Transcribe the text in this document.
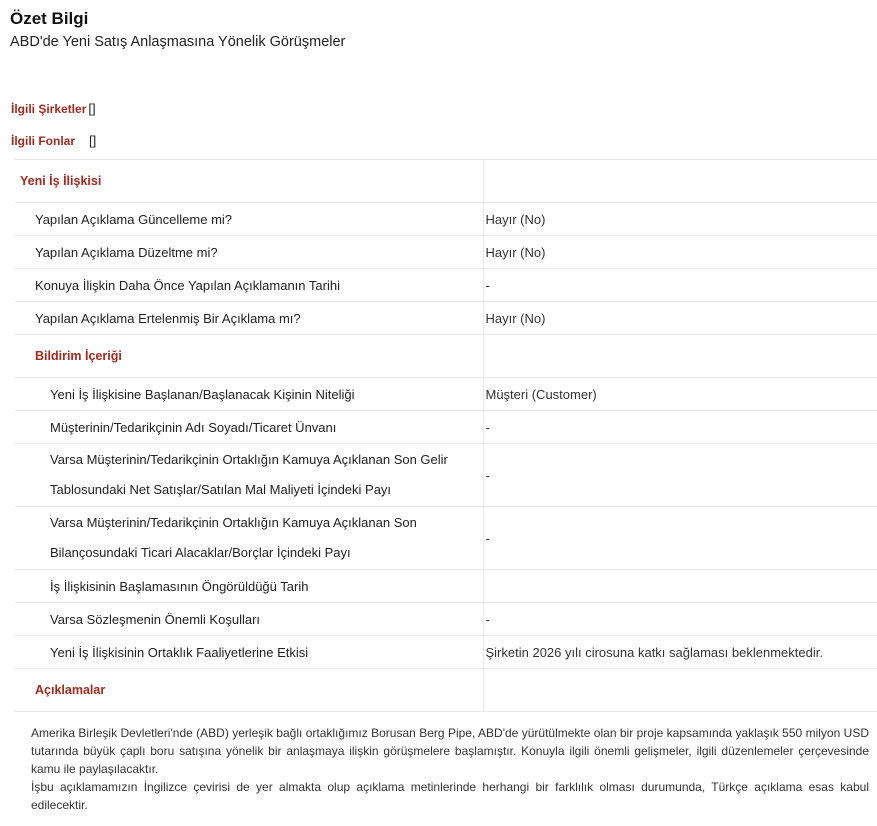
Özet Bilgi
ABD'de Yeni Satış Anlaşmasına Yönelik Görüşmeler
İlgili Şirketler []
İlgili Fonlar []
Yeni İş İlişkisi	
Yapılan Açıklama Güncelleme mi?	Hayır (No)
Yapılan Açıklama Düzeltme mi?	Hayır (No)
Konuya İlişkin Daha Önce Yapılan Açıklamanın Tarihi	-
Yapılan Açıklama Ertelenmiş Bir Açıklama mı?	Hayır (No)
Bildirim İçeriği	
Yeni İş İlişkisine Başlanan/Başlanacak Kişinin Niteliği	Müşteri (Customer)
Müşterinin/Tedarikçinin Adı Soyadı/Ticaret Ünvanı	-
Varsa Müşterinin/Tedarikçinin Ortaklığın Kamuya Açıklanan Son Gelir Tablosundaki Net Satışlar/Satılan Mal Maliyeti İçindeki Payı	-
Varsa Müşterinin/Tedarikçinin Ortaklığın Kamuya Açıklanan Son Bilançosundaki Ticari Alacaklar/Borçlar İçindeki Payı	-
İş İlişkisinin Başlamasının Öngörüldüğü Tarih	
Varsa Sözleşmenin Önemli Koşulları	-
Yeni İş İlişkisinin Ortaklık Faaliyetlerine Etkisi	Şirketin 2026 yılı cirosuna katkı sağlaması beklenmektedir.
Açıklamalar	

Amerika Birleşik Devletleri'nde (ABD) yerleşik bağlı ortaklığımız Borusan Berg Pipe, ABD'de yürütülmekte olan bir proje kapsamında yaklaşık 550 milyon USD tutarında büyük çaplı boru satışına yönelik bir anlaşmaya ilişkin görüşmelere başlamıştır. Konuyla ilgili önemli gelişmeler, ilgili düzenlemeler çerçevesinde kamu ile paylaşılacaktır.

İşbu açıklamamızın İngilizce çevirisi de yer almakta olup açıklama metinlerinde herhangi bir farklılık olması durumunda, Türkçe açıklama esas kabul edilecektir.
